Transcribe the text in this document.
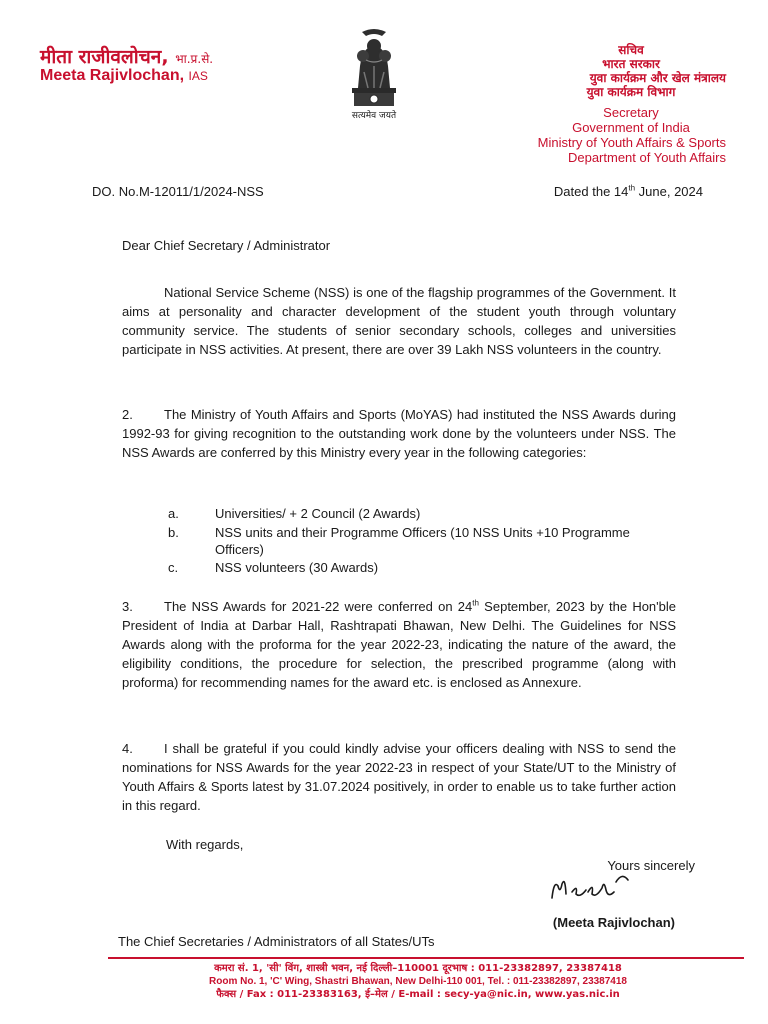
मीता राजीवलोचन, भा.प्र.से.
Meeta Rajivlochan, IAS
सत्यमेव जयते
सचिव
भारत सरकार
युवा कार्यक्रम और खेल मंत्रालय
युवा कार्यक्रम विभाग
Secretary
Government of India
Ministry of Youth Affairs & Sports
Department of Youth Affairs
DO. No.M-12011/1/2024-NSS	Dated the 14th June, 2024
Dear Chief Secretary / Administrator
National Service Scheme (NSS) is one of the flagship programmes of the Government. It aims at personality and character development of the student youth through voluntary community service. The students of senior secondary schools, colleges and universities participate in NSS activities. At present, there are over 39 Lakh NSS volunteers in the country.
2. The Ministry of Youth Affairs and Sports (MoYAS) had instituted the NSS Awards during 1992-93 for giving recognition to the outstanding work done by the volunteers under NSS. The NSS Awards are conferred by this Ministry every year in the following categories:
a.	Universities/ + 2 Council (2 Awards)
b.	NSS units and their Programme Officers (10 NSS Units +10 Programme Officers)
c.	NSS volunteers (30 Awards)
3. The NSS Awards for 2021-22 were conferred on 24th September, 2023 by the Hon'ble President of India at Darbar Hall, Rashtrapati Bhawan, New Delhi. The Guidelines for NSS Awards along with the proforma for the year 2022-23, indicating the nature of the award, the eligibility conditions, the procedure for selection, the prescribed programme (along with proforma) for recommending names for the award etc. is enclosed as Annexure.
4. I shall be grateful if you could kindly advise your officers dealing with NSS to send the nominations for NSS Awards for the year 2022-23 in respect of your State/UT to the Ministry of Youth Affairs & Sports latest by 31.07.2024 positively, in order to enable us to take further action in this regard.
With regards,
Yours sincerely
(Meeta Rajivlochan)
The Chief Secretaries / Administrators of all States/UTs
कमरा सं. 1, 'सी' विंग, शास्त्री भवन, नई दिल्ली–110001 दूरभाष : 011-23382897, 23387418
Room No. 1, 'C' Wing, Shastri Bhawan, New Delhi-110 001, Tel. : 011-23382897, 23387418
फैक्स / Fax : 011-23383163, ई–मेल / E-mail : secy-ya@nic.in, www.yas.nic.in
